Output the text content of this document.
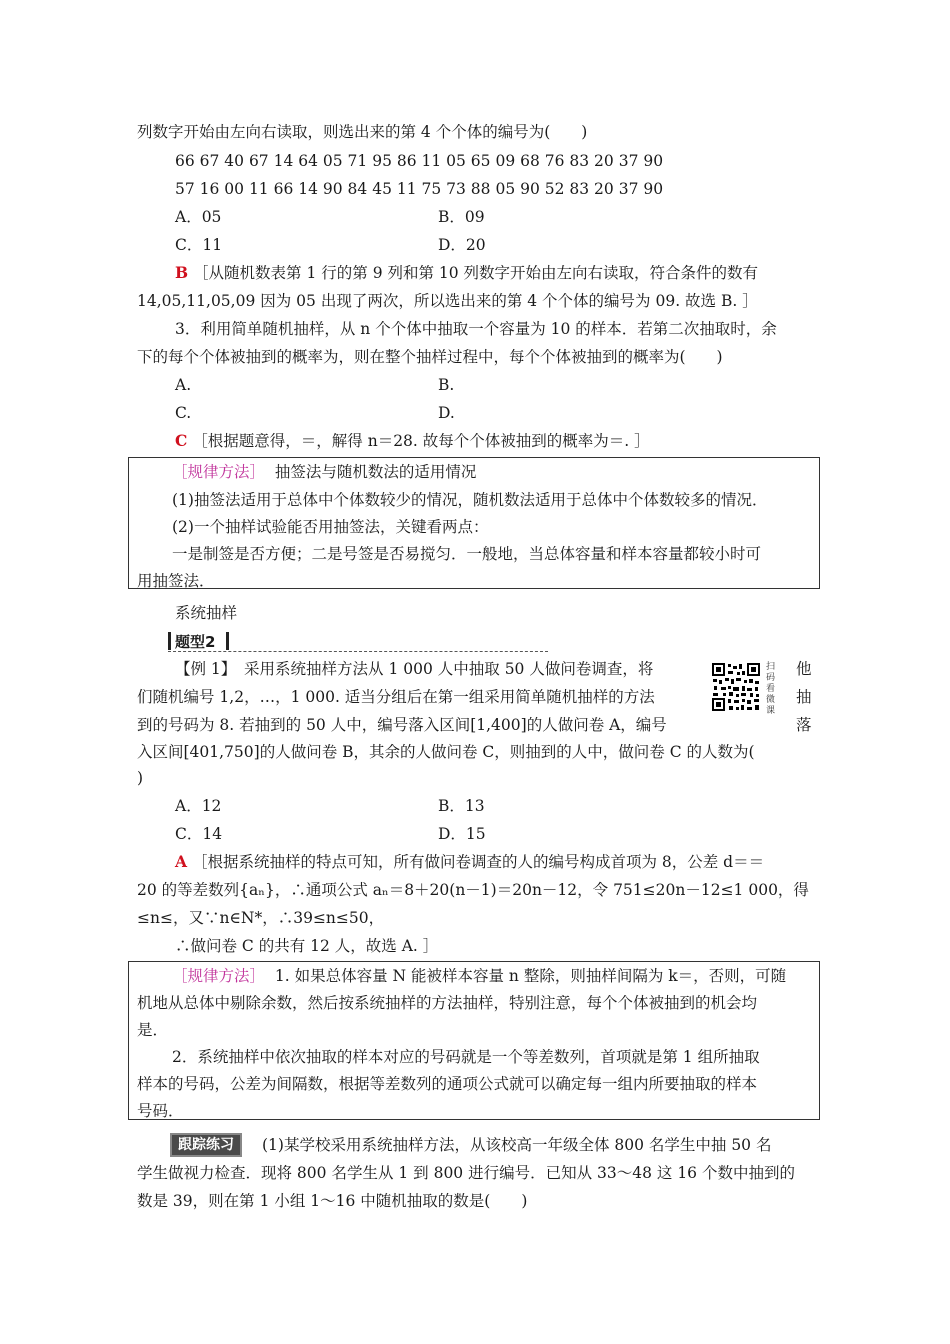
列数字开始由左向右读取，则选出来的第 4 个个体的编号为(　　)
66 67 40 67 14 64 05 71 95 86 11 05 65 09 68 76 83 20 37 90
57 16 00 11 66 14 90 84 45 11 75 73 88 05 90 52 83 20 37 90
A．05	B．09
C．11	D．20
B ［从随机数表第 1 行的第 9 列和第 10 列数字开始由左向右读取，符合条件的数有
14,05,11,05,09 因为 05 出现了两次，所以选出来的第 4 个个体的编号为 09. 故选 B. ］
3．利用简单随机抽样，从 n 个个体中抽取一个容量为 10 的样本．若第二次抽取时，余
下的每个个体被抽到的概率为，则在整个抽样过程中，每个个体被抽到的概率为(　　)
A.	B.
C.	D.
C ［根据题意得，＝，解得 n＝28. 故每个个体被抽到的概率为＝. ］
［规律方法］ 抽签法与随机数法的适用情况
(1)抽签法适用于总体中个体数较少的情况，随机数法适用于总体中个体数较多的情况．
(2)一个抽样试验能否用抽签法，关键看两点：
一是制签是否方便；二是号签是否易搅匀．一般地，当总体容量和样本容量都较小时可
用抽签法．
系统抽样
题型2
【例 1】　采用系统抽样方法从 1 000 人中抽取 50 人做问卷调查，将	他
们随机编号 1,2，…，1 000. 适当分组后在第一组采用简单随机抽样的方法	抽
到的号码为 8. 若抽到的 50 人中，编号落入区间[1,400]的人做问卷 A，编号	落
入区间[401,750]的人做问卷 B，其余的人做问卷 C，则抽到的人中，做问卷 C 的人数为(
)
扫
码
看
微
课
A．12	B．13
C．14	D．15
A ［根据系统抽样的特点可知，所有做问卷调查的人的编号构成首项为 8，公差 d＝＝
20 的等差数列{aₙ}，∴通项公式 aₙ＝8＋20(n－1)＝20n－12，令 751≤20n－12≤1 000，得
≤n≤，又∵n∈N*，∴39≤n≤50，
∴做问卷 C 的共有 12 人，故选 A. ］
［规律方法］ 1. 如果总体容量 N 能被样本容量 n 整除，则抽样间隔为 k＝，否则，可随
机地从总体中剔除余数，然后按系统抽样的方法抽样，特别注意，每个个体被抽到的机会均
是．
2．系统抽样中依次抽取的样本对应的号码就是一个等差数列，首项就是第 1 组所抽取
样本的号码，公差为间隔数，根据等差数列的通项公式就可以确定每一组内所要抽取的样本
号码．
跟踪练习	(1)某学校采用系统抽样方法，从该校高一年级全体 800 名学生中抽 50 名
学生做视力检查．现将 800 名学生从 1 到 800 进行编号．已知从 33～48 这 16 个数中抽到的
数是 39，则在第 1 小组 1～16 中随机抽取的数是(　　)
